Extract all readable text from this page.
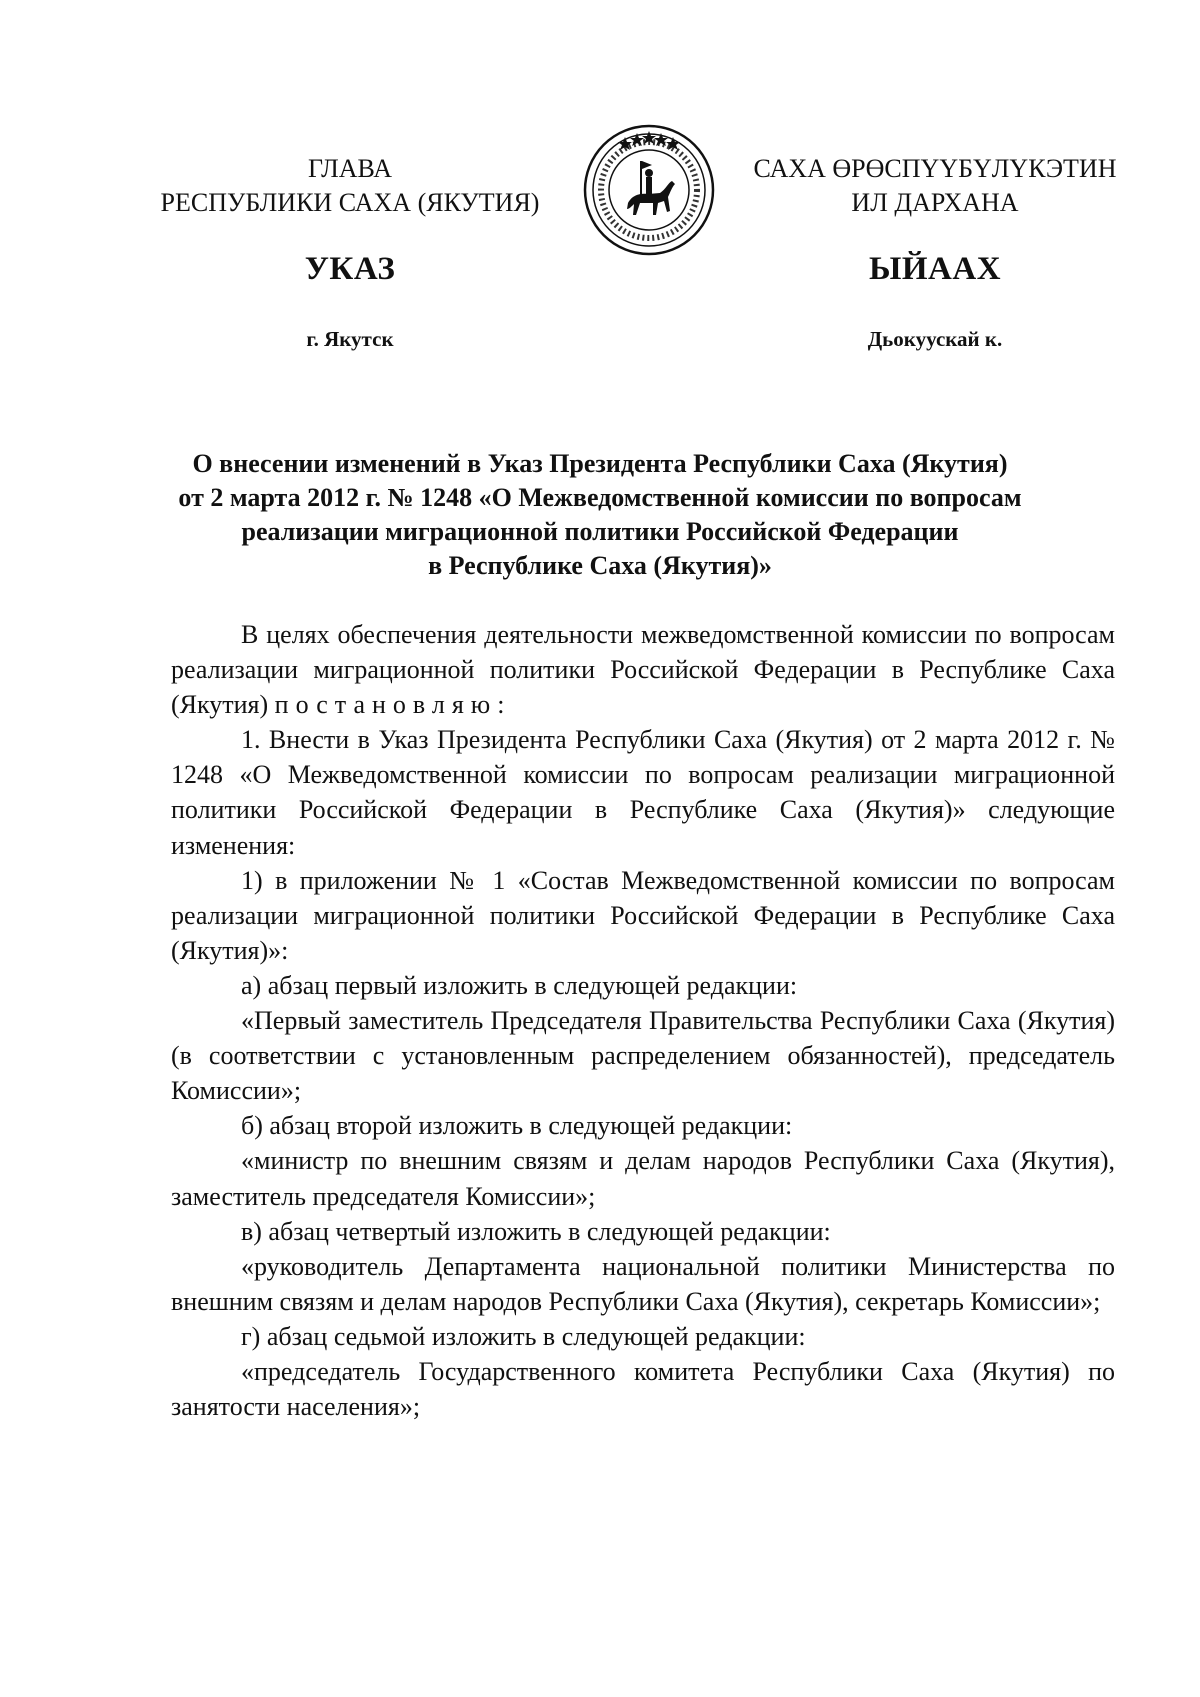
ГЛАВА
РЕСПУБЛИКИ САХА (ЯКУТИЯ)
УКАЗ
г. Якутск
САХА ӨРӨСПҮҮБҮЛҮКЭТИН
ИЛ ДАРХАНА
ЫЙААХ
Дьокуускай к.
О внесении изменений в Указ Президента Республики Саха (Якутия)
от 2 марта 2012 г. № 1248 «О Межведомственной комиссии по вопросам
реализации миграционной политики Российской Федерации
в Республике Саха (Якутия)»

В целях обеспечения деятельности межведомственной комиссии по вопросам реализации миграционной политики Российской Федерации в Республике Саха (Якутия) постановляю:

1. Внести в Указ Президента Республики Саха (Якутия) от 2 марта 2012 г. № 1248 «О Межведомственной комиссии по вопросам реализации миграционной политики Российской Федерации в Республике Саха (Якутия)» следующие изменения:

1) в приложении № 1 «Состав Межведомственной комиссии по вопросам реализации миграционной политики Российской Федерации в Республике Саха (Якутия)»:

а) абзац первый изложить в следующей редакции:

«Первый заместитель Председателя Правительства Республики Саха (Якутия) (в соответствии с установленным распределением обязанностей), председатель Комиссии»;

б) абзац второй изложить в следующей редакции:

«министр по внешним связям и делам народов Республики Саха (Якутия), заместитель председателя Комиссии»;

в) абзац четвертый изложить в следующей редакции:

«руководитель Департамента национальной политики Министерства по внешним связям и делам народов Республики Саха (Якутия), секретарь Комиссии»;

г) абзац седьмой изложить в следующей редакции:

«председатель Государственного комитета Республики Саха (Якутия) по занятости населения»;
